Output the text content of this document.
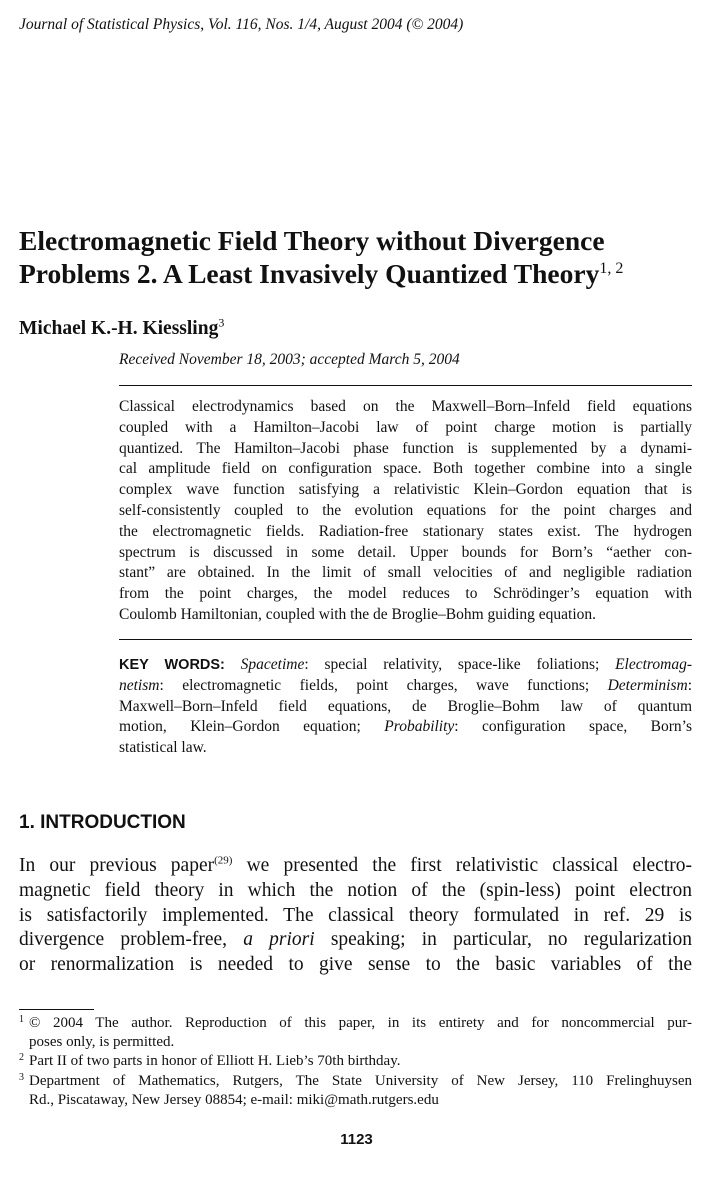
Journal of Statistical Physics, Vol. 116, Nos. 1/4, August 2004 (© 2004)
Electromagnetic Field Theory without Divergence
Problems 2. A Least Invasively Quantized Theory$^{1, 2}$
Michael K.-H. Kiessling$^3$
Received November 18, 2003; accepted March 5, 2004
Classical electrodynamics based on the Maxwell–Born–Infeld field equations
coupled with a Hamilton–Jacobi law of point charge motion is partially
quantized. The Hamilton–Jacobi phase function is supplemented by a dynami-
cal amplitude field on configuration space. Both together combine into a single
complex wave function satisfying a relativistic Klein–Gordon equation that is
self-consistently coupled to the evolution equations for the point charges and
the electromagnetic fields. Radiation-free stationary states exist. The hydrogen
spectrum is discussed in some detail. Upper bounds for Born’s “aether con-
stant” are obtained. In the limit of small velocities of and negligible radiation
from the point charges, the model reduces to Schrödinger’s equation with
Coulomb Hamiltonian, coupled with the de Broglie–Bohm guiding equation.
KEY WORDS: Spacetime: special relativity, space-like foliations; Electromag-
netism: electromagnetic fields, point charges, wave functions; Determinism:
Maxwell–Born–Infeld field equations, de Broglie–Bohm law of quantum
motion, Klein–Gordon equation; Probability: configuration space, Born’s
statistical law.
1. INTRODUCTION
In our previous paper$^{(29)}$ we presented the first relativistic classical electro-
magnetic field theory in which the notion of the (spin-less) point electron
is satisfactorily implemented. The classical theory formulated in ref. 29 is
divergence problem-free, a priori speaking; in particular, no regularization
or renormalization is needed to give sense to the basic variables of the
1 © 2004 The author. Reproduction of this paper, in its entirety and for noncommercial pur-
poses only, is permitted.
2 Part II of two parts in honor of Elliott H. Lieb’s 70th birthday.
3 Department of Mathematics, Rutgers, The State University of New Jersey, 110 Frelinghuysen
Rd., Piscataway, New Jersey 08854; e-mail: miki@math.rutgers.edu
1123
